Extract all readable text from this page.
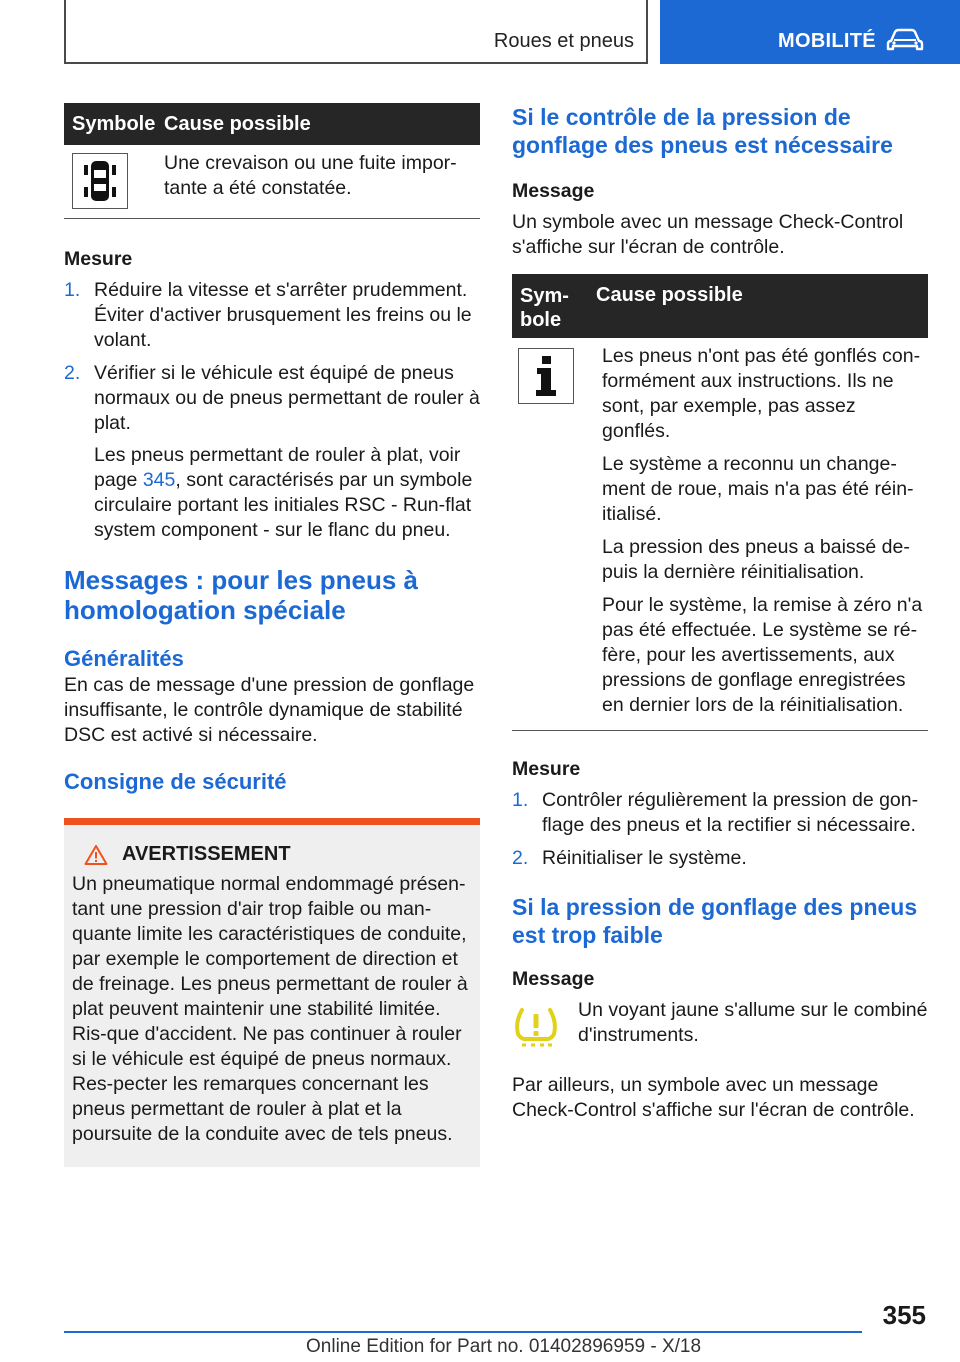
Roues et pneus	MOBILITÉ
Symbole Cause possible

Une crevaison ou une fuite impor-tante a été constatée.

Mesure

1. Réduire la vitesse et s'arrêter prudemment. Éviter d'activer brusquement les freins ou le volant.
2. Vérifier si le véhicule est équipé de pneus normaux ou de pneus permettant de rouler à plat.

Les pneus permettant de rouler à plat, voir page 345, sont caractérisés par un symbole circulaire portant les initiales RSC - Run-flat system component - sur le flanc du pneu.

Messages : pour les pneus à homologation spéciale

Généralités

En cas de message d'une pression de gonflage insuffisante, le contrôle dynamique de stabilité DSC est activé si nécessaire.

Consigne de sécurité

AVERTISSEMENT

Un pneumatique normal endommagé présen-tant une pression d'air trop faible ou man-quante limite les caractéristiques de conduite, par exemple le comportement de direction et de freinage. Les pneus permettant de rouler à plat peuvent maintenir une stabilité limitée. Ris-que d'accident. Ne pas continuer à rouler si le véhicule est équipé de pneus normaux. Res-pecter les remarques concernant les pneus permettant de rouler à plat et la poursuite de la conduite avec de tels pneus.

Si le contrôle de la pression de gonflage des pneus est nécessaire

Message

Un symbole avec un message Check-Control s'affiche sur l'écran de contrôle.

Sym-bole
Cause possible

Les pneus n'ont pas été gonflés con-formément aux instructions. Ils ne sont, par exemple, pas assez gonflés.

Le système a reconnu un change-ment de roue, mais n'a pas été réin-itialisé.

La pression des pneus a baissé de-puis la dernière réinitialisation.

Pour le système, la remise à zéro n'a pas été effectuée. Le système se ré-fère, pour les avertissements, aux pressions de gonflage enregistrées en dernier lors de la réinitialisation.

Mesure

1. Contrôler régulièrement la pression de gon-flage des pneus et la rectifier si nécessaire.
2. Réinitialiser le système.

Si la pression de gonflage des pneus est trop faible

Message

Un voyant jaune s'allume sur le combiné d'instruments.

Par ailleurs, un symbole avec un message Check-Control s'affiche sur l'écran de contrôle.

355
Online Edition for Part no. 01402896959 - X/18
